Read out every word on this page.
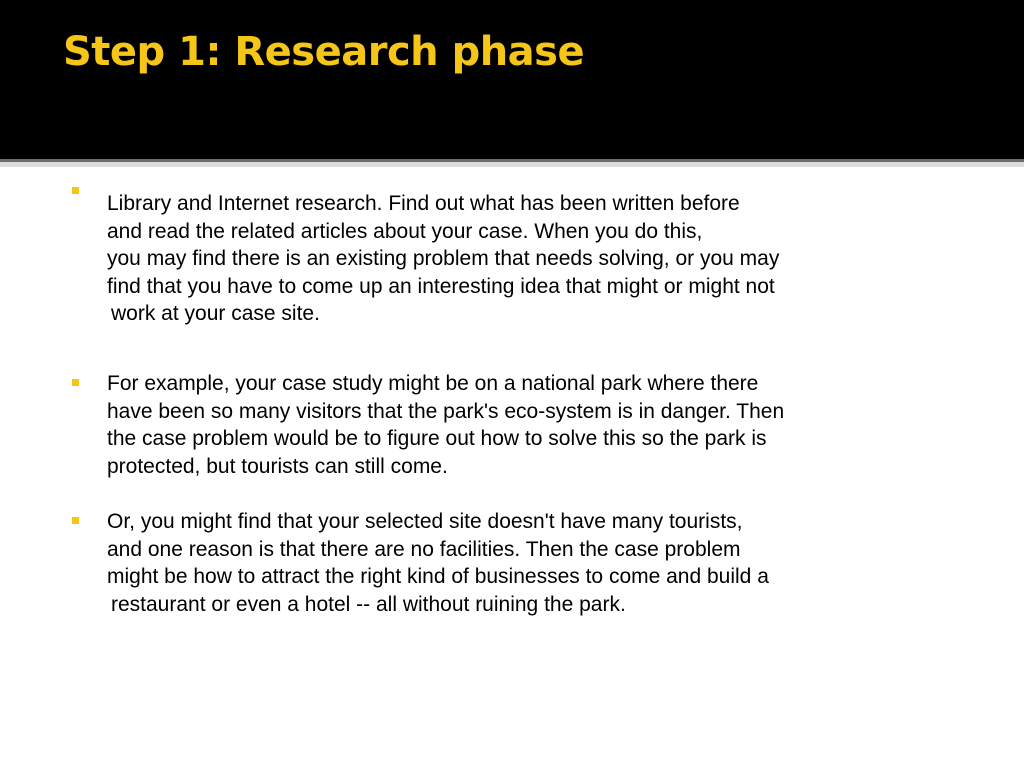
Step 1: Research phase
Library and Internet research. Find out what has been written before
and read the related articles about your case. When you do this,
you may find there is an existing problem that needs solving, or you may
find that you have to come up an interesting idea that might or might not
work at your case site.
For example, your case study might be on a national park where there
have been so many visitors that the park's eco-system is in danger. Then
the case problem would be to figure out how to solve this so the park is
protected, but tourists can still come.
Or, you might find that your selected site doesn't have many tourists,
and one reason is that there are no facilities. Then the case problem
might be how to attract the right kind of businesses to come and build a
restaurant or even a hotel -- all without ruining the park.
